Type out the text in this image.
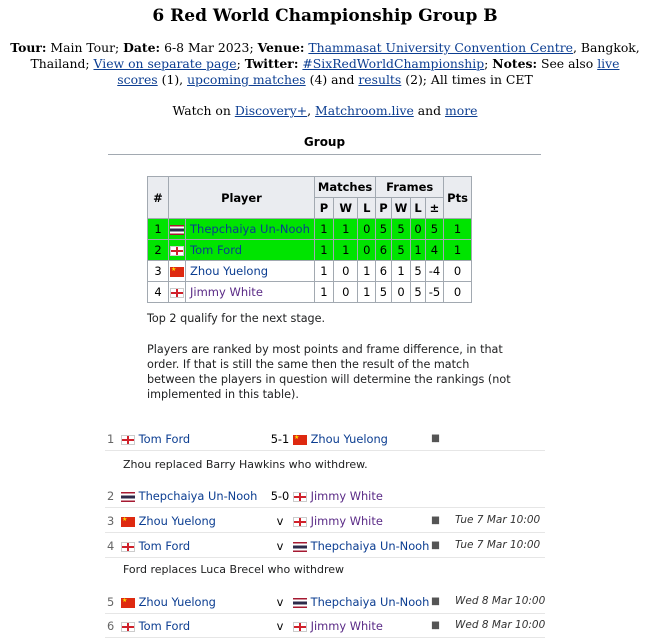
6 Red World Championship Group B
Tour: Main Tour; Date: 6-8 Mar 2023; Venue: Thammasat University Convention Centre, Bangkok, Thailand; View on separate page; Twitter: #SixRedWorldChampionship; Notes: See also live scores (1), upcoming matches (4) and results (2); All times in CET
Watch on Discovery+, Matchroom.live and more
Group
#	Player		Matches			Frames				Pts
			P	W	L	P	W	L	±	
1		Thepchaiya Un-Nooh	1	1	0	5	5	0	5	1
2		Tom Ford	1	1	0	6	5	1	4	1
3	★	Zhou Yuelong	1	0	1	6	1	5	-4	0
4		Jimmy White	1	0	1	5	0	5	-5	0
Top 2 qualify for the next stage.
Players are ranked by most points and frame difference, in that order. If that is still the same then the result of the match between the players in question will determine the rankings (not implemented in this table).
1	Tom Ford	5-1 ★	Zhou Yuelong	▮▮
Zhou replaced Barry Hawkins who withdrew.
2	Thepchaiya Un-Nooh	5-0	Jimmy White
3 ★	Zhou Yuelong	v	Jimmy White	▮▮ Tue 7 Mar 10:00
4	Tom Ford	v	Thepchaiya Un-Nooh ▮▮ Tue 7 Mar 10:00
Ford replaces Luca Brecel who withdrew
5 ★	Zhou Yuelong	v	Thepchaiya Un-Nooh ▮▮ Wed 8 Mar 10:00
6	Tom Ford	v	Jimmy White	▮▮ Wed 8 Mar 10:00
